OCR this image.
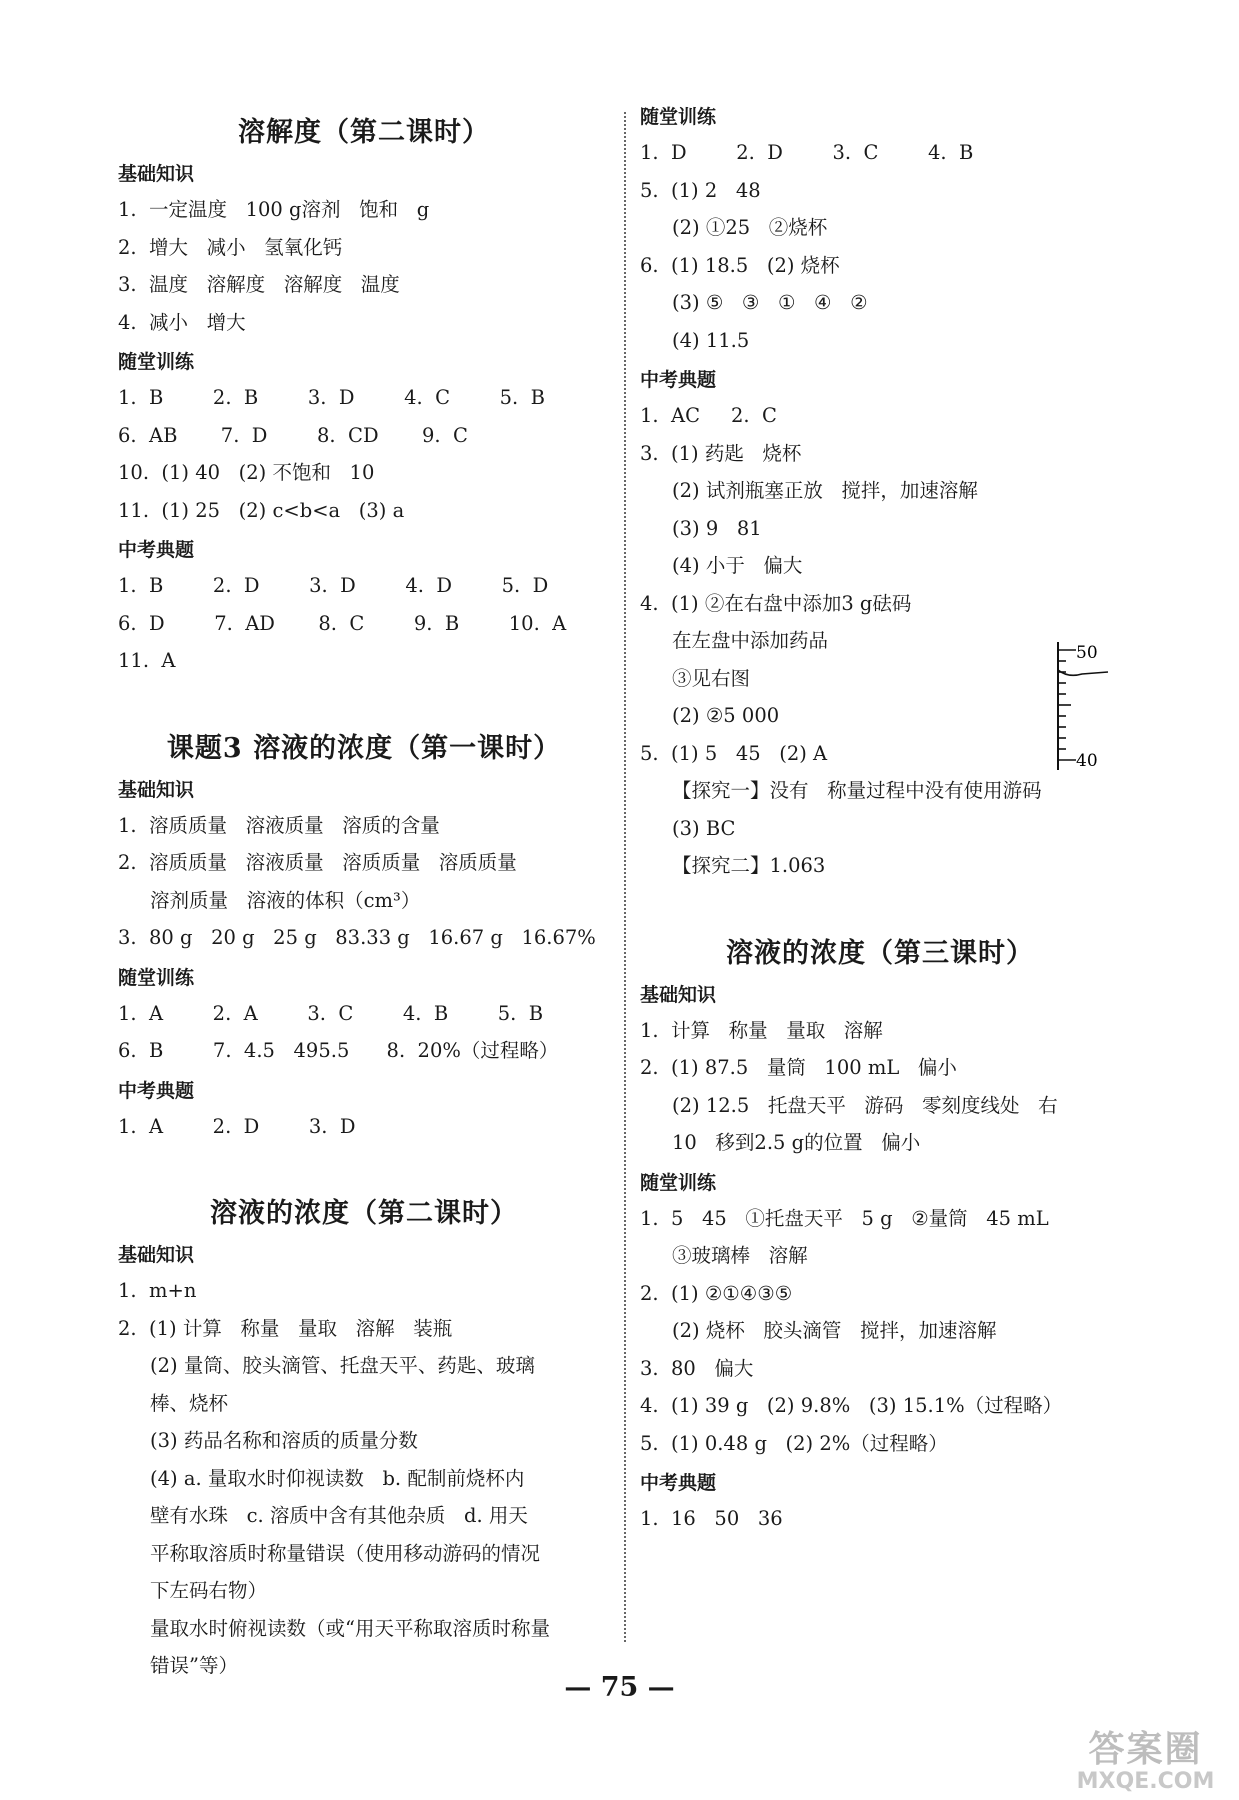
溶解度（第二课时）
基础知识
1.  一定温度   100 g溶剂   饱和   g
2.  增大   减小   氢氧化钙
3.  温度   溶解度   溶解度   温度
4.  减小   增大
随堂训练
1.  B        2.  B        3.  D        4.  C        5.  B
6.  AB       7.  D        8.  CD       9.  C
10.  (1) 40   (2) 不饱和   10
11.  (1) 25   (2) c<b<a   (3) a
中考典题
1.  B        2.  D        3.  D        4.  D        5.  D
6.  D        7.  AD       8.  C        9.  B        10.  A
11.  A
课题3 溶液的浓度（第一课时）
基础知识
1.  溶质质量   溶液质量   溶质的含量
2.  溶质质量   溶液质量   溶质质量   溶质质量
溶剂质量   溶液的体积（cm³）
3.  80 g   20 g   25 g   83.33 g   16.67 g   16.67%
随堂训练
1.  A        2.  A        3.  C        4.  B        5.  B
6.  B        7.  4.5   495.5      8.  20%（过程略）
中考典题
1.  A        2.  D        3.  D
溶液的浓度（第二课时）
基础知识
1.  m+n
2.  (1) 计算   称量   量取   溶解   装瓶
(2) 量筒、胶头滴管、托盘天平、药匙、玻璃
棒、烧杯
(3) 药品名称和溶质的质量分数
(4) a. 量取水时仰视读数   b. 配制前烧杯内
壁有水珠   c. 溶质中含有其他杂质   d. 用天
平称取溶质时称量错误（使用移动游码的情况
下左码右物）
量取水时俯视读数（或“用天平称取溶质时称量
错误”等）
随堂训练
1.  D        2.  D        3.  C        4.  B
5.  (1) 2   48
(2) ①25   ②烧杯
6.  (1) 18.5   (2) 烧杯
(3) ⑤   ③   ①   ④   ②
(4) 11.5
中考典题
1.  AC     2.  C
3.  (1) 药匙   烧杯
(2) 试剂瓶塞正放   搅拌，加速溶解
(3) 9   81
(4) 小于   偏大
4.  (1) ②在右盘中添加3 g砝码
在左盘中添加药品
③见右图
(2) ②5 000
5.  (1) 5   45   (2) A
【探究一】没有   称量过程中没有使用游码
(3) BC
【探究二】1.063
溶液的浓度（第三课时）
基础知识
1.  计算   称量   量取   溶解
2.  (1) 87.5   量筒   100 mL   偏小
(2) 12.5   托盘天平   游码   零刻度线处   右
10   移到2.5 g的位置   偏小
随堂训练
1.  5   45   ①托盘天平   5 g   ②量筒   45 mL
③玻璃棒   溶解
2.  (1) ②①④③⑤
(2) 烧杯   胶头滴管   搅拌，加速溶解
3.  80   偏大
4.  (1) 39 g   (2) 9.8%   (3) 15.1%（过程略）
5.  (1) 0.48 g   (2) 2%（过程略）
中考典题
1.  16   50   36
50
40
— 75 —
答案圈
MXQE.COM
